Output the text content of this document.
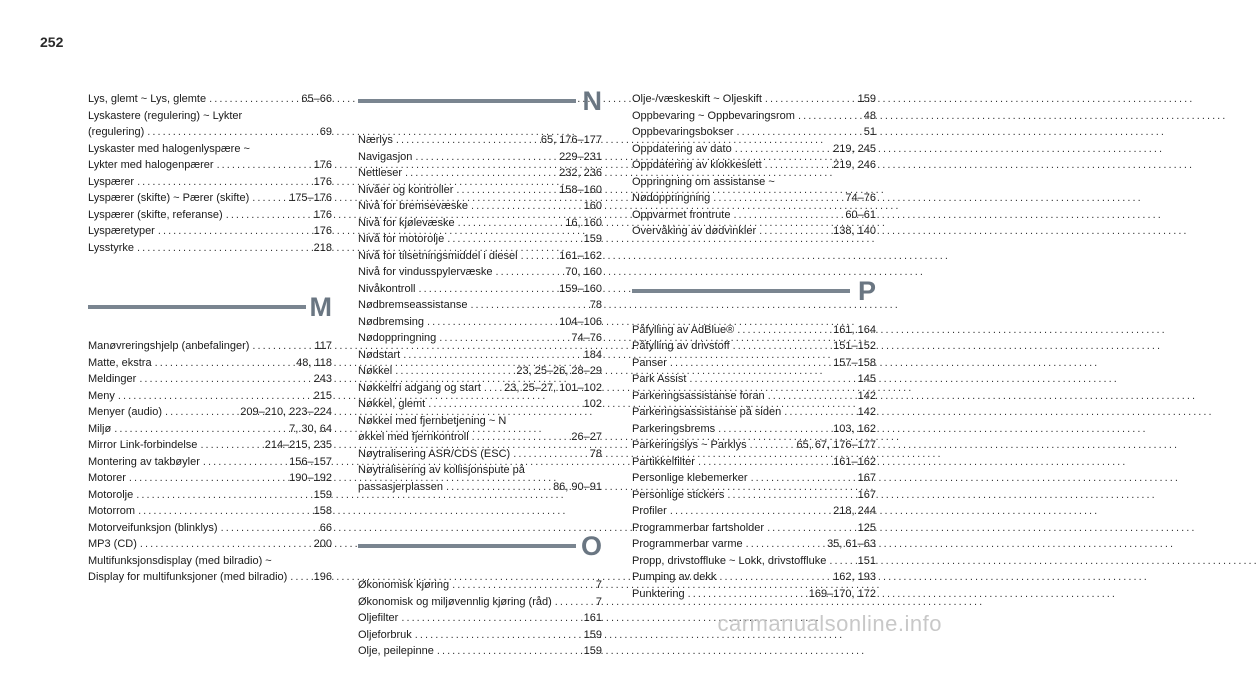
252
Lys, glemt ~ Lys, glemte . . .	65–66
Lyskastere (regulering) ~ Lykter
(regulering) . . .	69
Lyskaster med halogenlyspære ~
Lykter med halogenpærer . . .	176
Lyspærer . . .	176
Lyspærer (skifte) ~ Pærer (skifte) . . .	175–176
Lyspærer (skifte, referanse) . . .	176
Lyspæretyper . . .	176
Lysstyrke . . .	218
M
Manøvreringshjelp (anbefalinger) . . .	117
Matte, ekstra . . .	48, 118
Meldinger . . .	243
Meny . . .	215
Menyer (audio) . . .	209–210, 223–224
Miljø . . .	7, 30, 64
Mirror Link-forbindelse . . .	214–215, 235
Montering av takbøyler . . .	156–157
Motorer . . .	190–192
Motorolje . . .	159
Motorrom . . .	158
Motorveifunksjon (blinklys) . . .	66
MP3 (CD) . . .	200
Multifunksjonsdisplay (med bilradio) ~
Display for multifunksjoner (med bilradio) . . . 196
N
Nærlys . . .	65, 176–177
Navigasjon . . .	229–231
Nettleser . . .	232, 236
Nivåer og kontroller . . .	158–160
Nivå for bremsevæske . . .	160
Nivå for kjølevæske . . .	16, 160
Nivå for motorolje . . .	159
Nivå for tilsetningsmiddel i diesel . . .	161–162
Nivå for vindusspylervæske . . .	70, 160
Nivåkontroll . . .	159–160
Nødbremseassistanse . . .	78
Nødbremsing . . .	104–106
Nødoppringning . . .	74–76
Nødstart . . .	184
Nøkkel . . .	23, 25–26, 28–29
Nøkkelfri adgang og start . . . 23, 25–27, 101–102
Nøkkel, glemt . . .	102
Nøkkel med fjernbetjening ~ N
økkel med fjernkontroll . . .	26–27
Nøytralisering ASR/CDS (ESC) . . .	78
Nøytralisering av kollisjonspute på
passasjerplassen . . .	86, 90–91
O
Økonomisk kjøring . . .	7
Økonomisk og miljøvennlig kjøring (råd) . . .	7
Oljefilter . . .	161
Oljeforbruk . . .	159
Olje, peilepinne . . .	159
Olje-/væskeskift ~ Oljeskift . . .	159
Oppbevaring ~ Oppbevaringsrom . . .	48
Oppbevaringsbokser . . .	51
Oppdatering av dato . . .	219, 245
Oppdatering av klokkeslett . . .	219, 246
Oppringning om assistanse ~
Nødoppringning . . .	74–76
Oppvarmet frontrute . . .	60–61
Overvåking av dødvinkler . . .	138, 140
P
Påfylling av AdBlue® . . .	161, 164
Påfylling av drivstoff . . .	151–152
Panser . . .	157–158
Park Assist . . .	145
Parkeringsassistanse foran . . .	142
Parkeringsassistanse på siden . . .	142
Parkeringsbrems . . .	103, 162
Parkeringslys ~ Parklys . . .	65, 67, 176–177
Partikkelfilter . . .	161–162
Personlige klebemerker . . .	167
Personlige stickers . . .	167
Profiler . . .	218, 244
Programmerbar fartsholder . . .	125
Programmerbar varme . . .	35, 61–63
Propp, drivstoffluke ~ Lokk, drivstoffluke . . .	151
Pumping av dekk . . .	162, 193
Punktering . . .	169–170, 172
carmanualsonline.info
